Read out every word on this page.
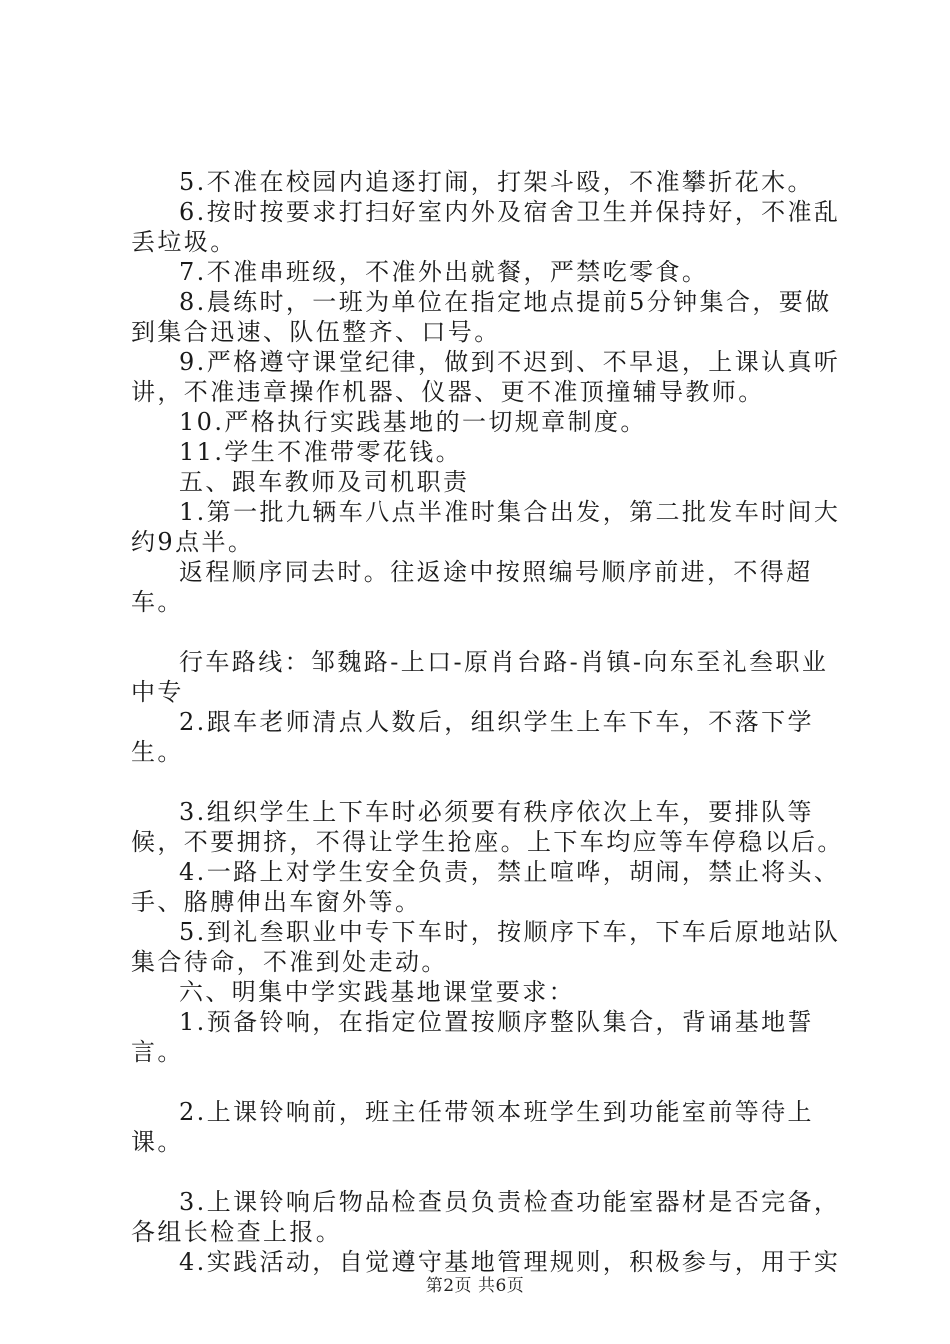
5.不准在校园内追逐打闹，打架斗殴，不准攀折花木。

6.按时按要求打扫好室内外及宿舍卫生并保持好，不准乱丢垃圾。

7.不准串班级，不准外出就餐，严禁吃零食。

8.晨练时，一班为单位在指定地点提前5分钟集合，要做到集合迅速、队伍整齐、口号。

9.严格遵守课堂纪律，做到不迟到、不早退，上课认真听讲，不准违章操作机器、仪器、更不准顶撞辅导教师。

10.严格执行实践基地的一切规章制度。

11.学生不准带零花钱。

五、跟车教师及司机职责

1.第一批九辆车八点半准时集合出发，第二批发车时间大约9点半。

返程顺序同去时。往返途中按照编号顺序前进，不得超车。

行车路线：邹魏路-上口-原肖台路-肖镇-向东至礼叁职业中专

2.跟车老师清点人数后，组织学生上车下车，不落下学生。

3.组织学生上下车时必须要有秩序依次上车，要排队等候，不要拥挤，不得让学生抢座。上下车均应等车停稳以后。

4.一路上对学生安全负责，禁止喧哗，胡闹，禁止将头、手、胳膊伸出车窗外等。

5.到礼叁职业中专下车时，按顺序下车，下车后原地站队集合待命，不准到处走动。

六、明集中学实践基地课堂要求：

1.预备铃响，在指定位置按顺序整队集合，背诵基地誓言。

2.上课铃响前，班主任带领本班学生到功能室前等待上课。

3.上课铃响后物品检查员负责检查功能室器材是否完备，各组长检查上报。

4.实践活动，自觉遵守基地管理规则，积极参与，用于实

第2页 共6页
